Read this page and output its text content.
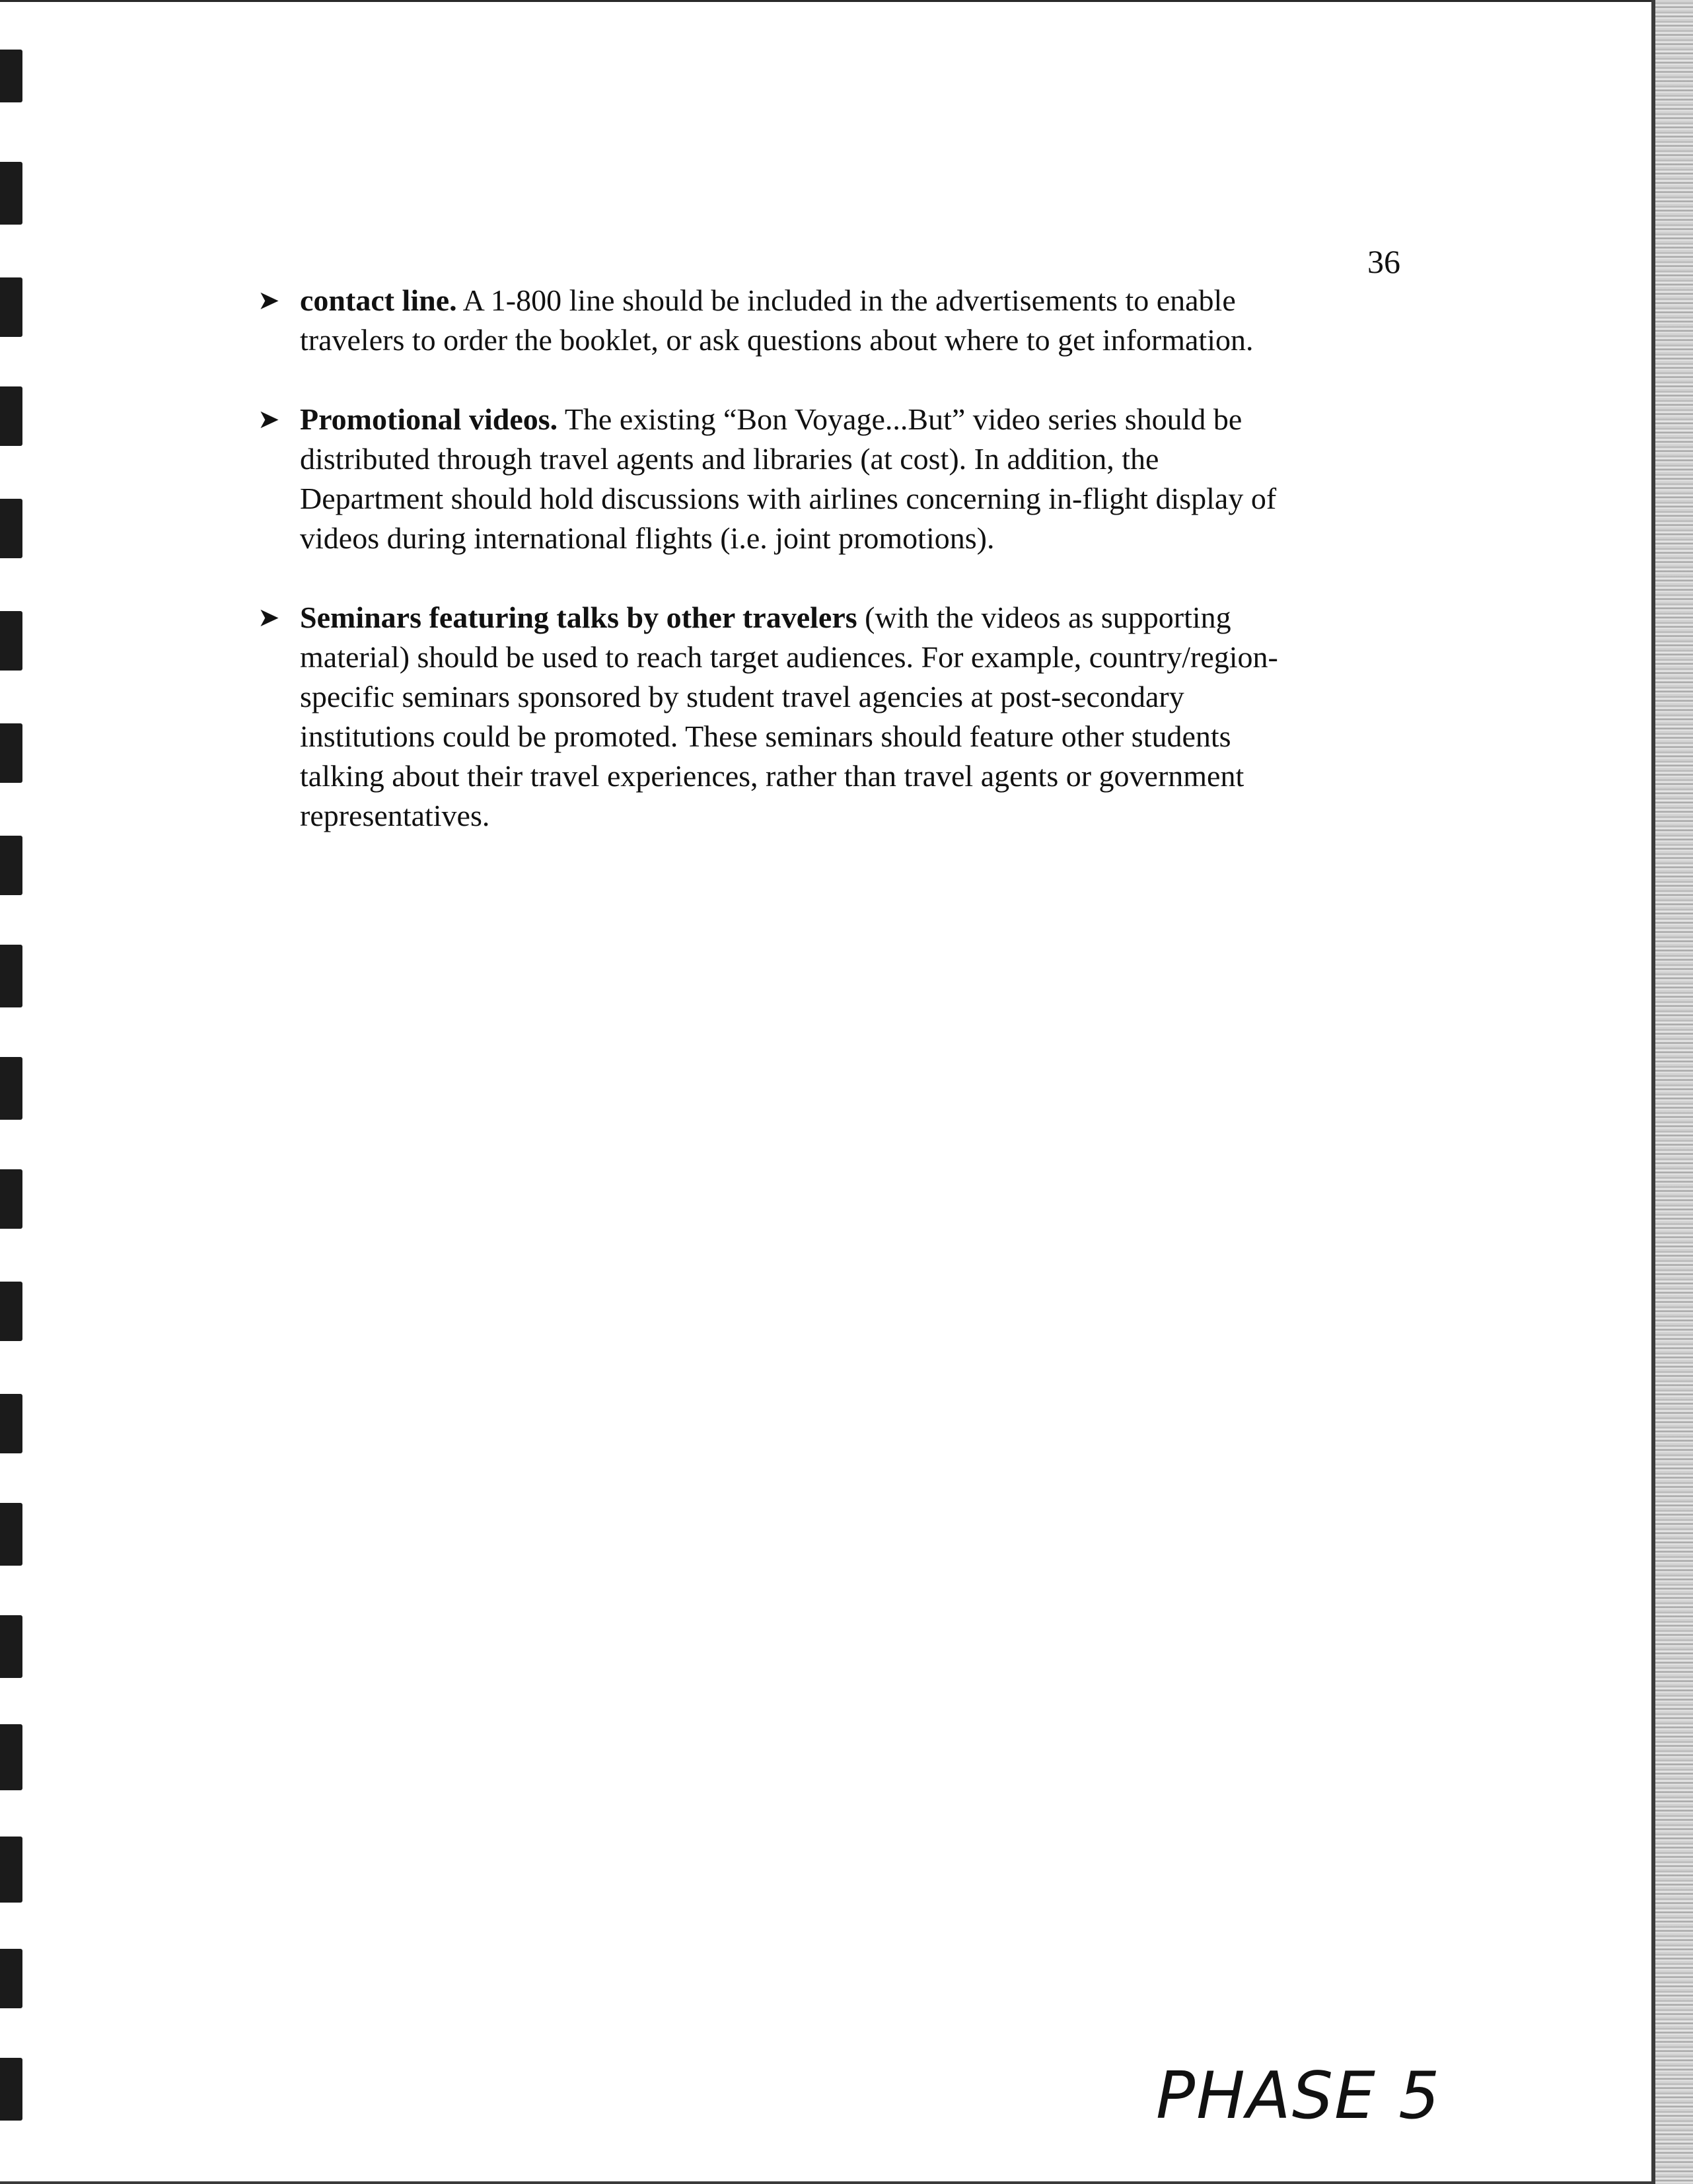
36
➤ contact line. A 1-800 line should be included in the advertisements to enable
travelers to order the booklet, or ask questions about where to get information.
➤ Promotional videos. The existing “Bon Voyage...But” video series should be
distributed through travel agents and libraries (at cost). In addition, the
Department should hold discussions with airlines concerning in-flight display of
videos during international flights (i.e. joint promotions).
➤ Seminars featuring talks by other travelers (with the videos as supporting
material) should be used to reach target audiences. For example, country/region-
specific seminars sponsored by student travel agencies at post-secondary
institutions could be promoted. These seminars should feature other students
talking about their travel experiences, rather than travel agents or government
representatives.
PHASE 5
